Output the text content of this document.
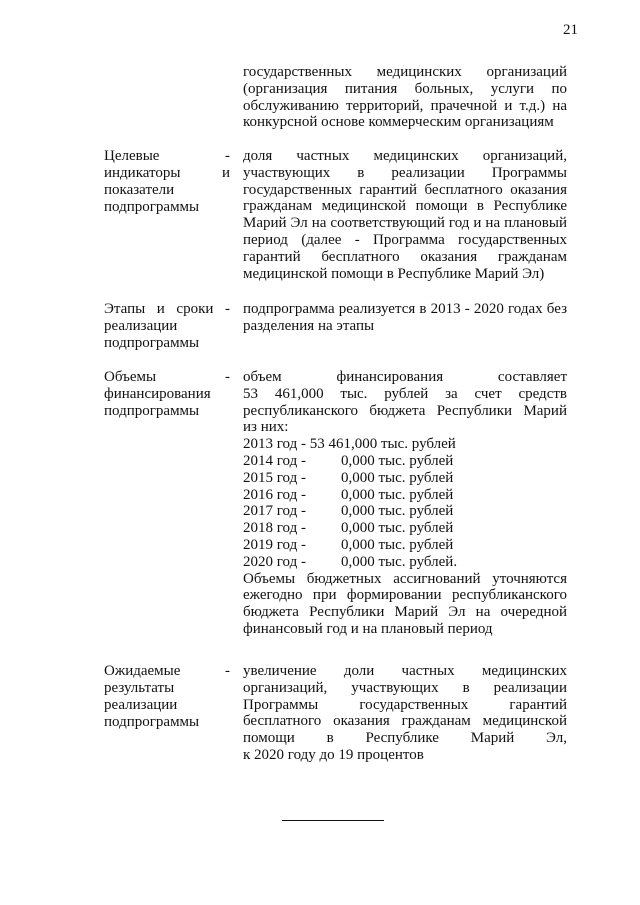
21
государственных медицинских организаций
(организация питания больных, услуги по
обслуживанию территорий, прачечной и т.д.) на
конкурсной основе коммерческим организациям
Целевые
индикаторы и
показатели
подпрограммы
- доля частных медицинских организаций,
участвующих в реализации Программы
государственных гарантий бесплатного оказания
гражданам медицинской помощи в Республике
Марий Эл на соответствующий год и на плановый
период (далее - Программа государственных
гарантий бесплатного оказания гражданам
медицинской помощи в Республике Марий Эл)
Этапы и сроки -
реализации
подпрограммы
подпрограмма реализуется в 2013 - 2020 годах без
разделения на этапы
Объемы
финансирования
подпрограммы
- объем финансирования составляет
53 461,000 тыс. рублей за счет средств
республиканского бюджета Республики Марий
из них:
2013 год - 53 461,000 тыс. рублей
2014 год - 0,000 тыс. рублей
2015 год - 0,000 тыс. рублей
2016 год - 0,000 тыс. рублей
2017 год - 0,000 тыс. рублей
2018 год - 0,000 тыс. рублей
2019 год - 0,000 тыс. рублей
2020 год - 0,000 тыс. рублей.
Объемы бюджетных ассигнований уточняются
ежегодно при формировании республиканского
бюджета Республики Марий Эл на очередной
финансовый год и на плановый период
Ожидаемые
результаты
реализации
подпрограммы
- увеличение доли частных медицинских
организаций, участвующих в реализации
Программы государственных гарантий
бесплатного оказания гражданам медицинской
помощи в Республике Марий Эл,
к 2020 году до 19 процентов
